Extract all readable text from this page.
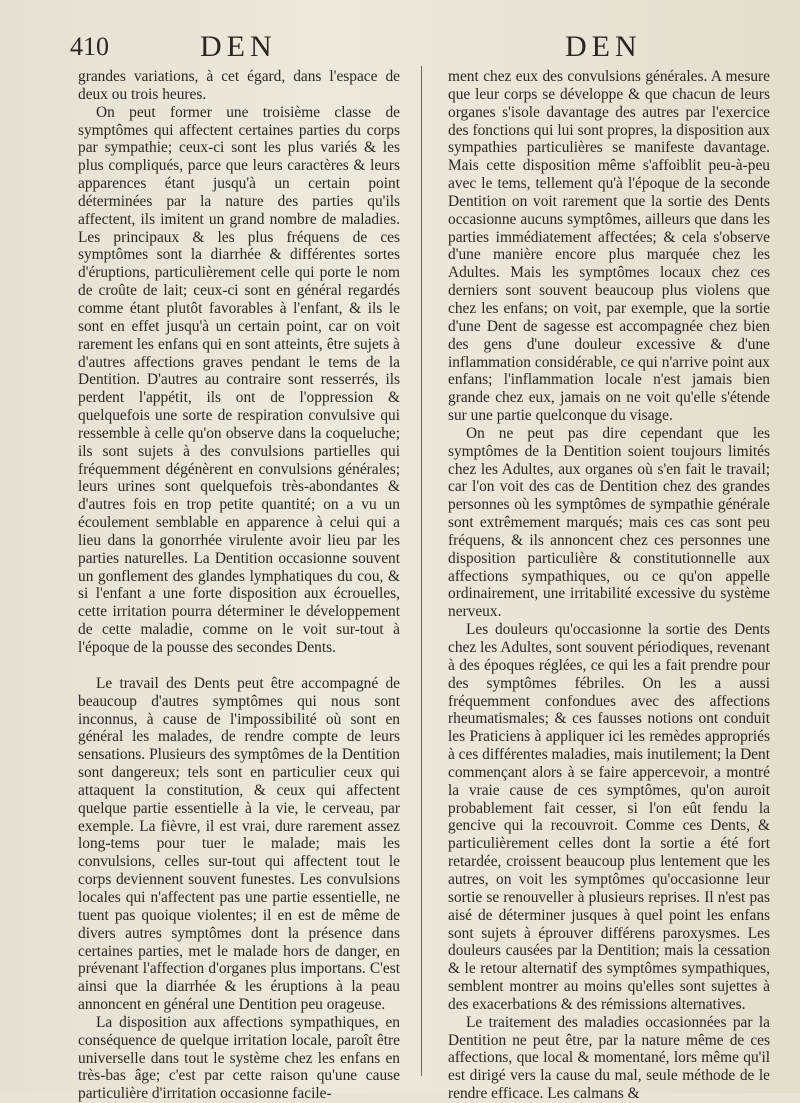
410	DEN	DEN

grandes variations, à cet égard, dans l'espace de deux ou trois heures.

On peut former une troisième classe de symptômes qui affectent certaines parties du corps par sympathie; ceux-ci sont les plus variés & les plus compliqués, parce que leurs caractères & leurs apparences étant jusqu'à un certain point déterminées par la nature des parties qu'ils affectent, ils imitent un grand nombre de maladies. Les principaux & les plus fréquens de ces symptômes sont la diarrhée & différentes sortes d'éruptions, particulièrement celle qui porte le nom de croûte de lait; ceux-ci sont en général regardés comme étant plutôt favorables à l'enfant, & ils le sont en effet jusqu'à un certain point, car on voit rarement les enfans qui en sont atteints, être sujets à d'autres affections graves pendant le tems de la Dentition. D'autres au contraire sont resserrés, ils perdent l'appétit, ils ont de l'oppression & quelquefois une sorte de respiration convulsive qui ressemble à celle qu'on observe dans la coqueluche; ils sont sujets à des convulsions partielles qui fréquemment dégénèrent en convulsions générales; leurs urines sont quelquefois très-abondantes & d'autres fois en trop petite quantité; on a vu un écoulement semblable en apparence à celui qui a lieu dans la gonorrhée virulente avoir lieu par les parties naturelles. La Dentition occasionne souvent un gonflement des glandes lymphatiques du cou, & si l'enfant a une forte disposition aux écrouelles, cette irritation pourra déterminer le développement de cette maladie, comme on le voit sur-tout à l'époque de la pousse des secondes Dents.

Le travail des Dents peut être accompagné de beaucoup d'autres symptômes qui nous sont inconnus, à cause de l'impossibilité où sont en général les malades, de rendre compte de leurs sensations. Plusieurs des symptômes de la Dentition sont dangereux; tels sont en particulier ceux qui attaquent la constitution, & ceux qui affectent quelque partie essentielle à la vie, le cerveau, par exemple. La fièvre, il est vrai, dure rarement assez long-tems pour tuer le malade; mais les convulsions, celles sur-tout qui affectent tout le corps deviennent souvent funestes. Les convulsions locales qui n'affectent pas une partie essentielle, ne tuent pas quoique violentes; il en est de même de divers autres symptômes dont la présence dans certaines parties, met le malade hors de danger, en prévenant l'affection d'organes plus importans. C'est ainsi que la diarrhée & les éruptions à la peau annoncent en général une Dentition peu orageuse.

La disposition aux affections sympathiques, en conséquence de quelque irritation locale, paroît être universelle dans tout le système chez les enfans en très-bas âge; c'est par cette raison qu'une cause particulière d'irritation occasionne facile-

ment chez eux des convulsions générales. A mesure que leur corps se développe & que chacun de leurs organes s'isole davantage des autres par l'exercice des fonctions qui lui sont propres, la disposition aux sympathies particulières se manifeste davantage. Mais cette disposition même s'affoiblit peu-à-peu avec le tems, tellement qu'à l'époque de la seconde Dentition on voit rarement que la sortie des Dents occasionne aucuns symptômes, ailleurs que dans les parties immédiatement affectées; & cela s'observe d'une manière encore plus marquée chez les Adultes. Mais les symptômes locaux chez ces derniers sont souvent beaucoup plus violens que chez les enfans; on voit, par exemple, que la sortie d'une Dent de sagesse est accompagnée chez bien des gens d'une douleur excessive & d'une inflammation considérable, ce qui n'arrive point aux enfans; l'inflammation locale n'est jamais bien grande chez eux, jamais on ne voit qu'elle s'étende sur une partie quelconque du visage.

On ne peut pas dire cependant que les symptômes de la Dentition soient toujours limités chez les Adultes, aux organes où s'en fait le travail; car l'on voit des cas de Dentition chez des grandes personnes où les symptômes de sympathie générale sont extrêmement marqués; mais ces cas sont peu fréquens, & ils annoncent chez ces personnes une disposition particulière & constitutionnelle aux affections sympathiques, ou ce qu'on appelle ordinairement, une irritabilité excessive du système nerveux.

Les douleurs qu'occasionne la sortie des Dents chez les Adultes, sont souvent périodiques, revenant à des époques réglées, ce qui les a fait prendre pour des symptômes fébriles. On les a aussi fréquemment confondues avec des affections rheumatismales; & ces fausses notions ont conduit les Praticiens à appliquer ici les remèdes appropriés à ces différentes maladies, mais inutilement; la Dent commençant alors à se faire appercevoir, a montré la vraie cause de ces symptômes, qu'on auroit probablement fait cesser, si l'on eût fendu la gencive qui la recouvroit. Comme ces Dents, & particulièrement celles dont la sortie a été fort retardée, croissent beaucoup plus lentement que les autres, on voit les symptômes qu'occasionne leur sortie se renouveller à plusieurs reprises. Il n'est pas aisé de déterminer jusques à quel point les enfans sont sujets à éprouver différens paroxysmes. Les douleurs causées par la Dentition; mais la cessation & le retour alternatif des symptômes sympathiques, semblent montrer au moins qu'elles sont sujettes à des exacerbations & des rémissions alternatives.

Le traitement des maladies occasionnées par la Dentition ne peut être, par la nature même de ces affections, que local & momentané, lors même qu'il est dirigé vers la cause du mal, seule méthode de le rendre efficace. Les calmans &
